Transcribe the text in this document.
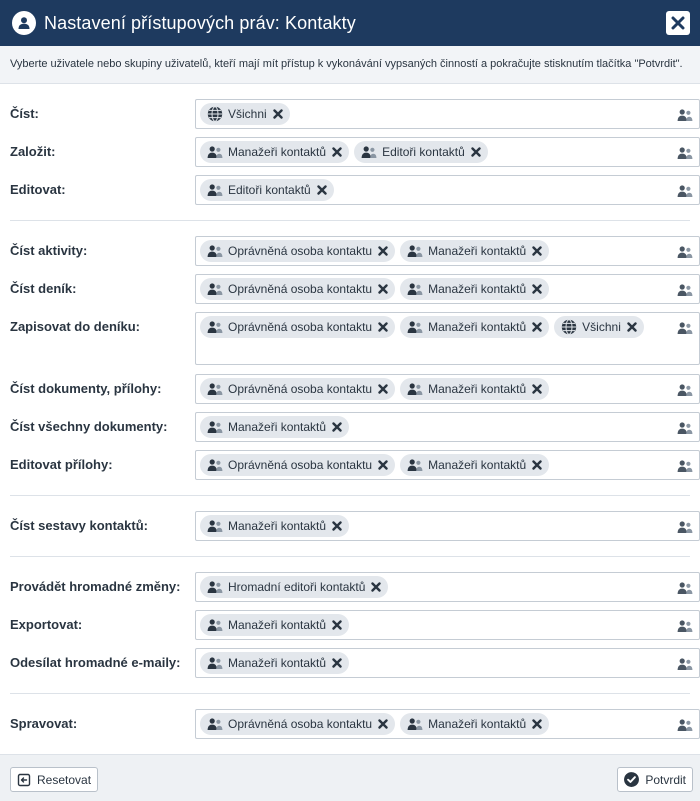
Nastavení přístupových práv: Kontakty
Vyberte uživatele nebo skupiny uživatelů, kteří mají mít přístup k vykonávání vypsaných činností a pokračujte stisknutím tlačítka "Potvrdit".
Číst:	Všichni
Založit:	Manažeři kontaktů	Editoři kontaktů
Editovat:	Editoři kontaktů
Číst aktivity:	Oprávněná osoba kontaktu	Manažeři kontaktů
Číst deník:	Oprávněná osoba kontaktu	Manažeři kontaktů
Zapisovat do deníku:	Oprávněná osoba kontaktu	Manažeři kontaktů	Všichni
Číst dokumenty, přílohy:	Oprávněná osoba kontaktu	Manažeři kontaktů
Číst všechny dokumenty:	Manažeři kontaktů
Editovat přílohy:	Oprávněná osoba kontaktu	Manažeři kontaktů
Číst sestavy kontaktů:	Manažeři kontaktů
Provádět hromadné změny:	Hromadní editoři kontaktů
Exportovat:	Manažeři kontaktů
Odesílat hromadné e-maily:	Manažeři kontaktů
Spravovat:	Oprávněná osoba kontaktu	Manažeři kontaktů
Resetovat	Potvrdit
